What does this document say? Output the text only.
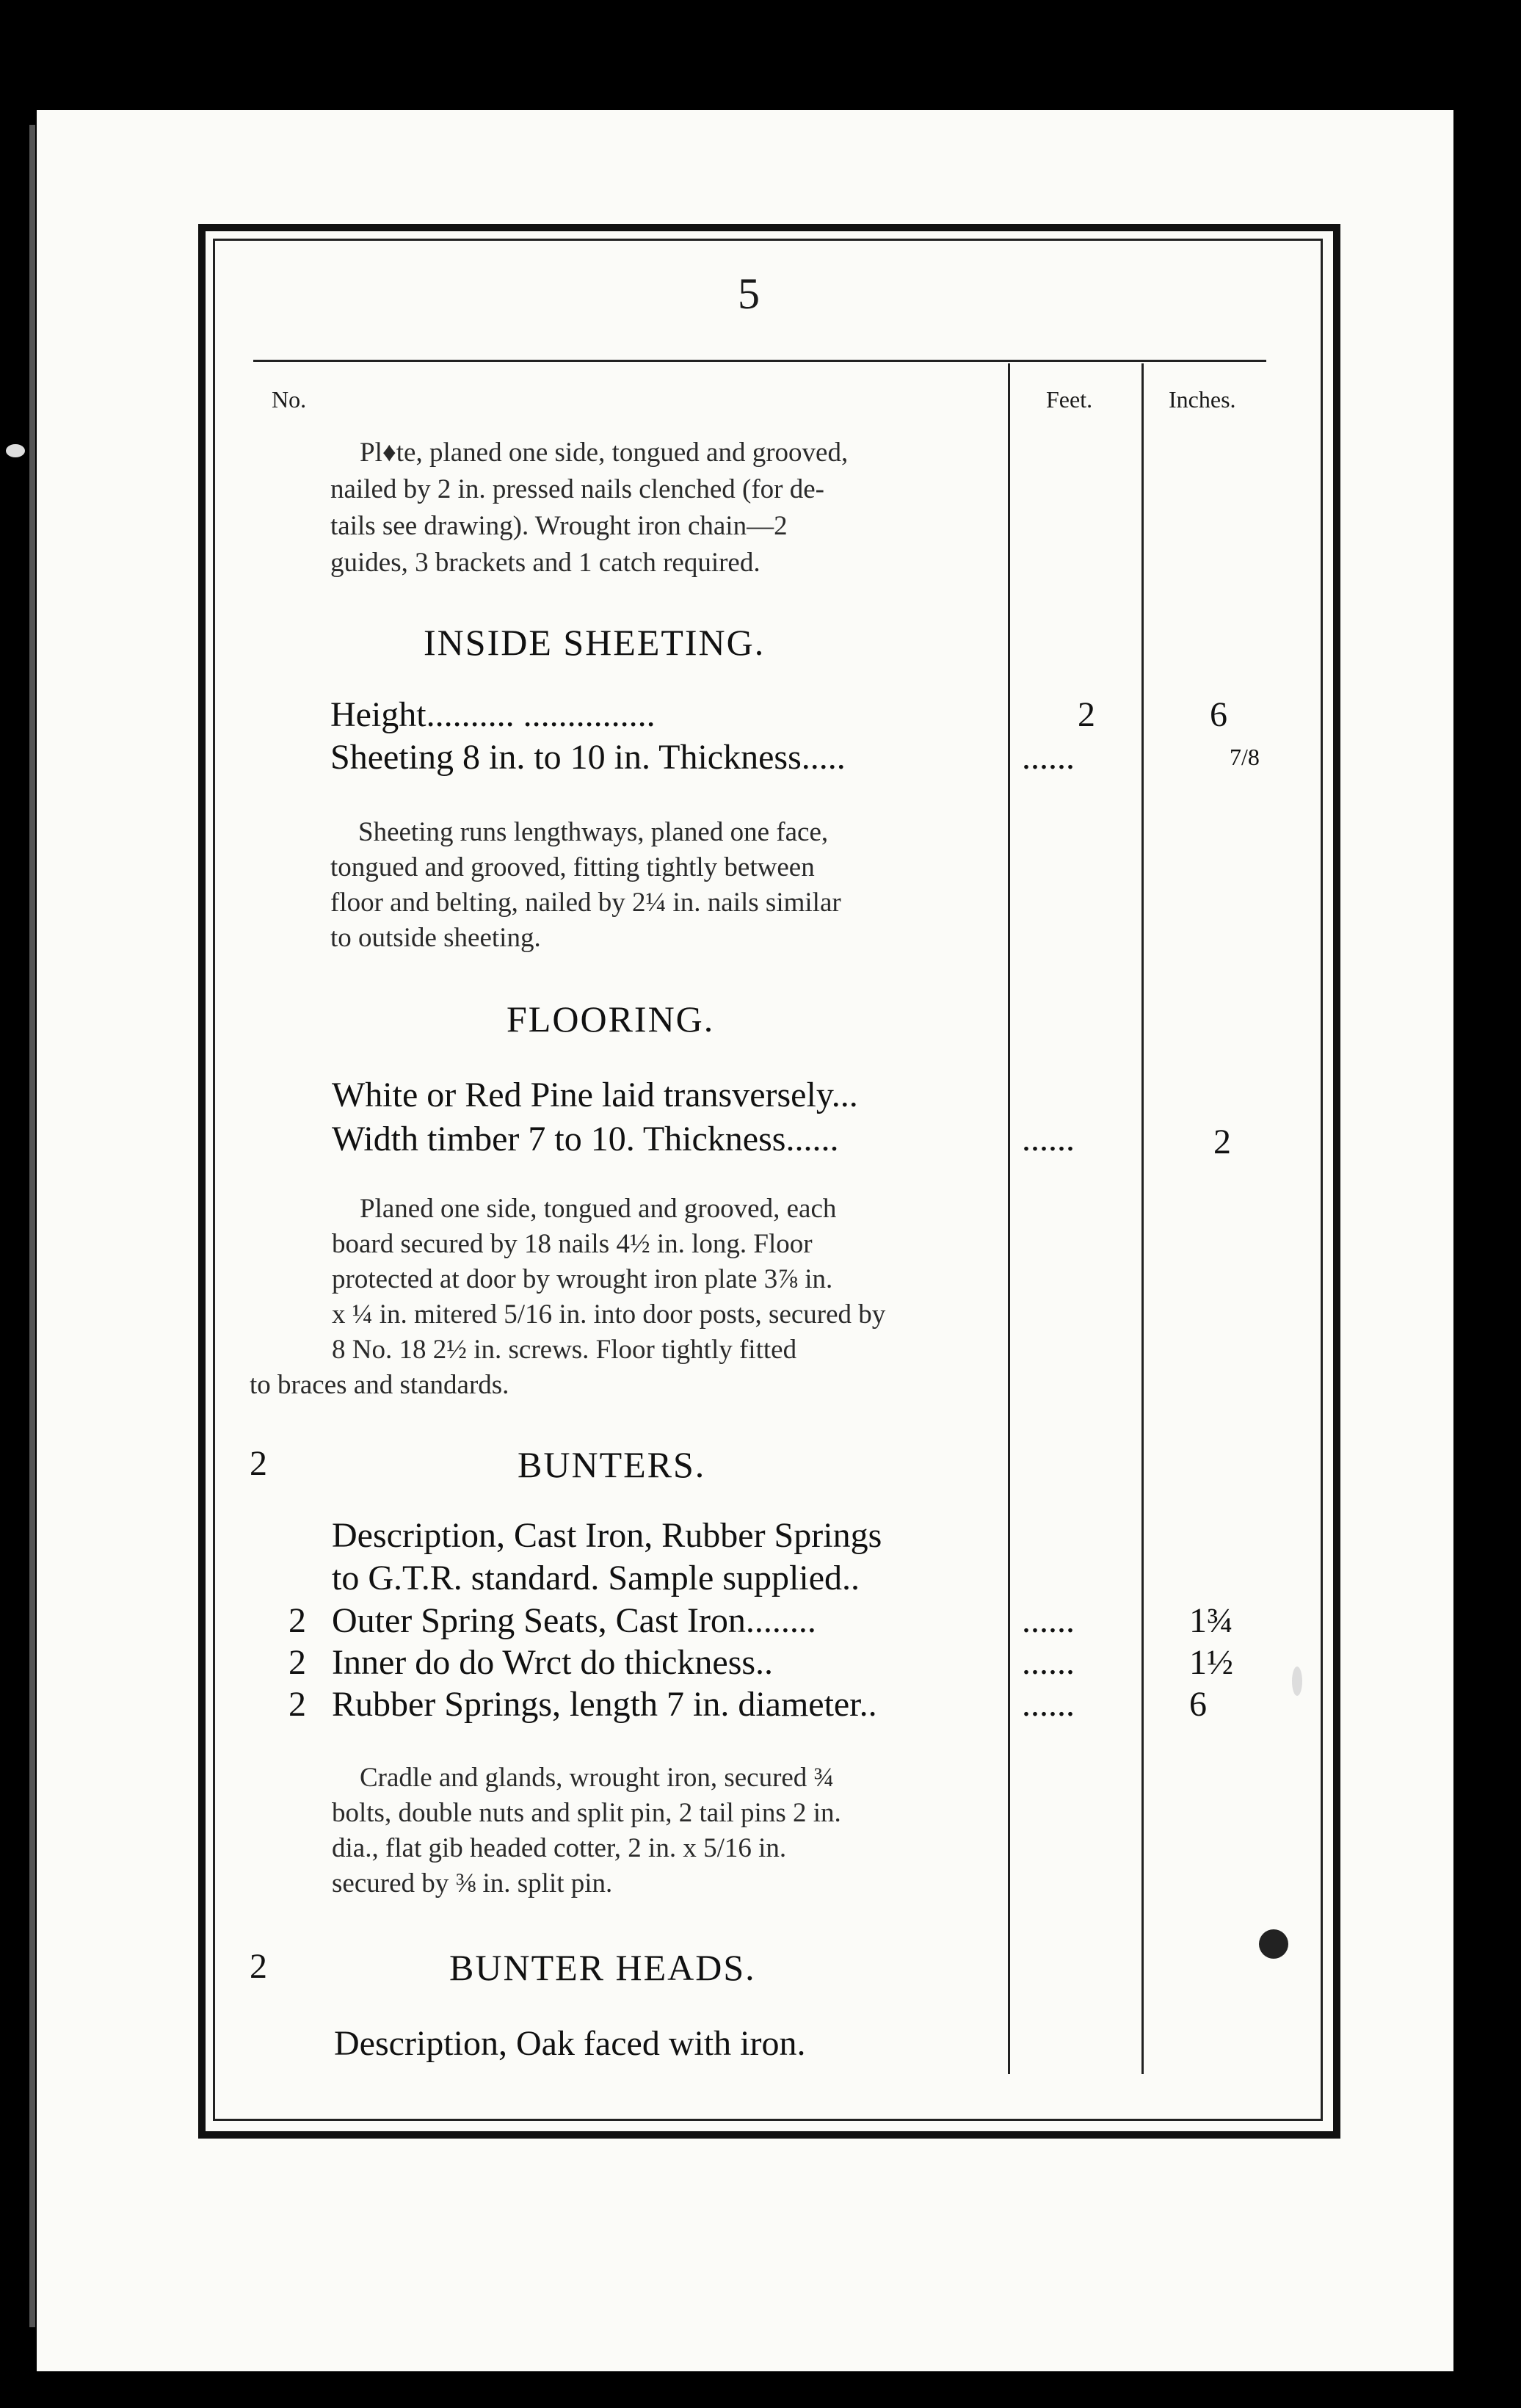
5
No.	Feet.	Inches.
Pl♦te, planed one side, tongued and grooved,
nailed by 2 in. pressed nails clenched (for de-
tails see drawing). Wrought iron chain—2
guides, 3 brackets and 1 catch required.
INSIDE SHEETING.
Height.......... ...............	2	6
Sheeting 8 in. to 10 in. Thickness.....	......	7/8
Sheeting runs lengthways, planed one face,
tongued and grooved, fitting tightly between
floor and belting, nailed by 2¼ in. nails similar
to outside sheeting.
FLOORING.
White or Red Pine laid transversely...
Width timber 7 to 10. Thickness......	......	2
Planed one side, tongued and grooved, each
board secured by 18 nails 4½ in. long. Floor
protected at door by wrought iron plate 3⅞ in.
x ¼ in. mitered 5/16 in. into door posts, secured by
8 No. 18 2½ in. screws. Floor tightly fitted
to braces and standards.
2	BUNTERS.
Description, Cast Iron, Rubber Springs
to G.T.R. standard. Sample supplied..
2 Outer Spring Seats, Cast Iron........	......	1¾
2 Inner do do Wrct do thickness..	......	1½
2 Rubber Springs, length 7 in. diameter..	......	6
Cradle and glands, wrought iron, secured ¾
bolts, double nuts and split pin, 2 tail pins 2 in.
dia., flat gib headed cotter, 2 in. x 5/16 in.
secured by ⅜ in. split pin.
2	BUNTER HEADS.
Description, Oak faced with iron.
